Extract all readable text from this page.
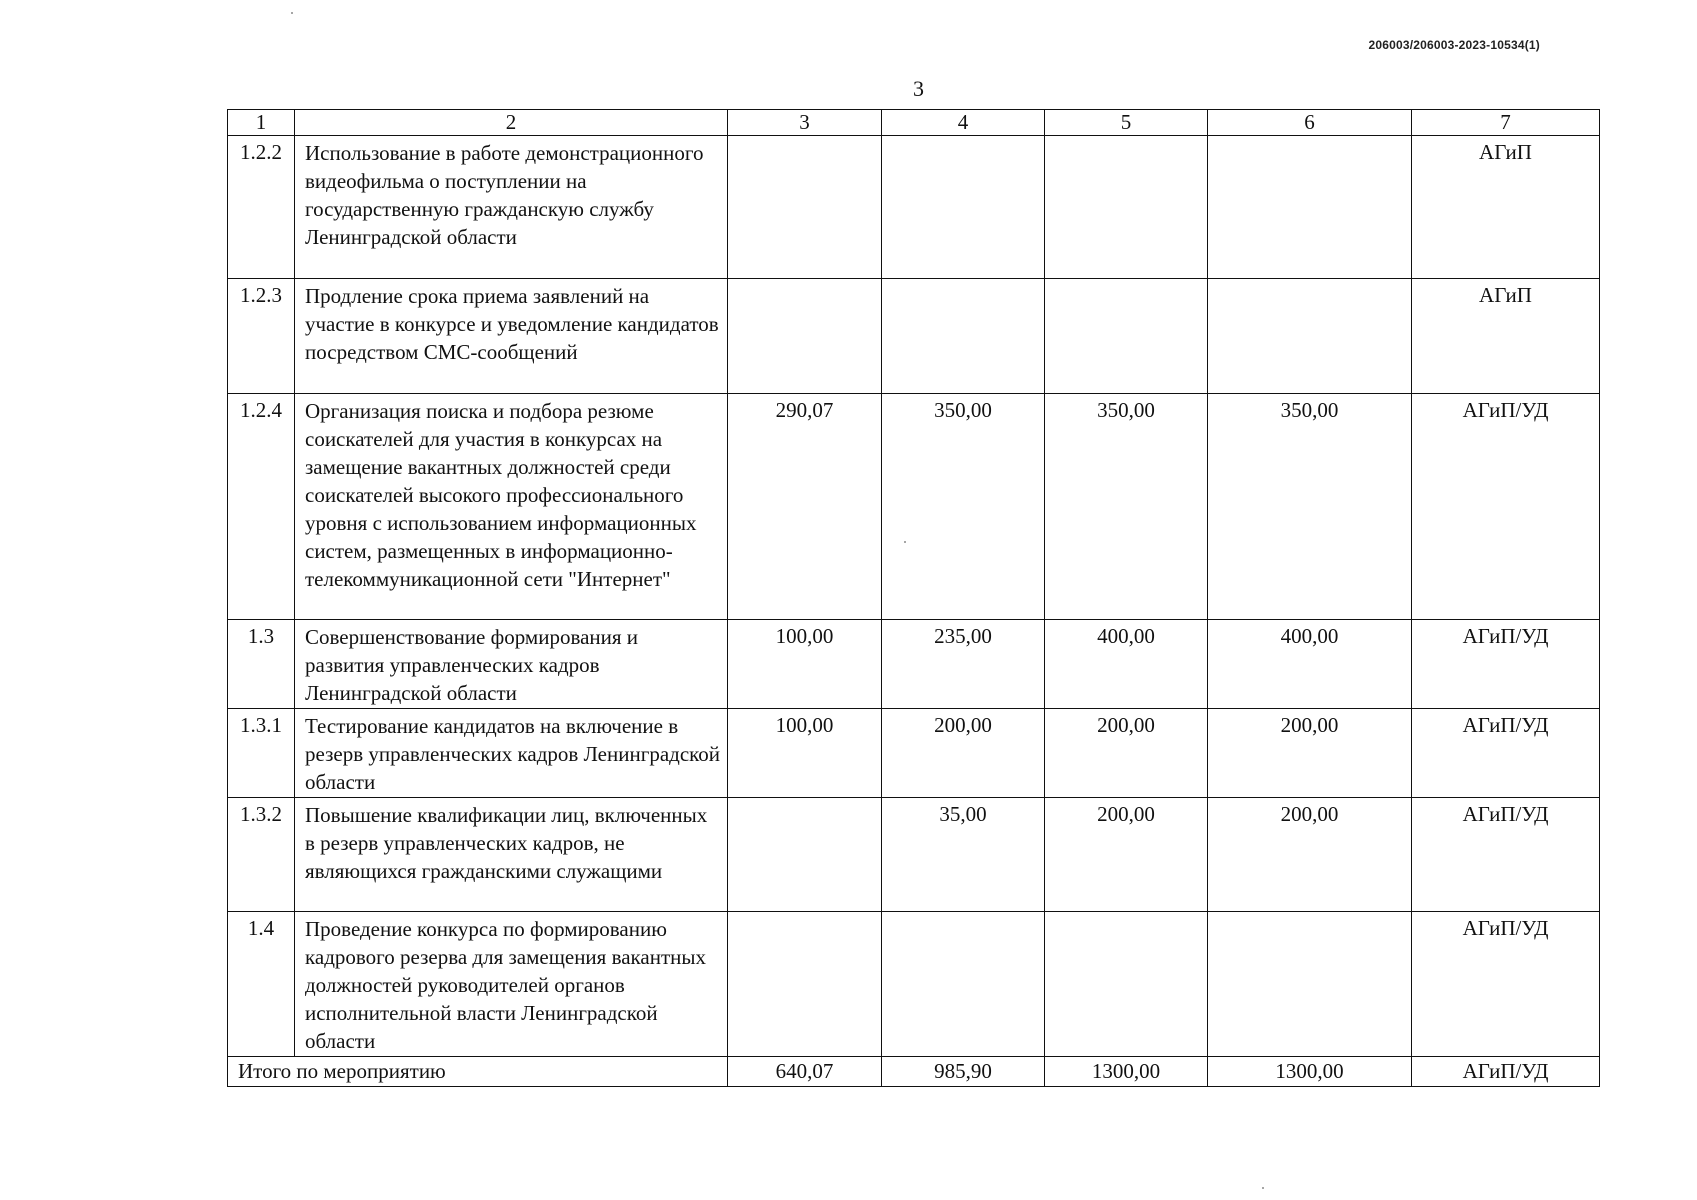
206003/206003-2023-10534(1)
3
1	2	3	4	5	6	7
1.2.2	Использование в работе демонстрационного видеофильма о поступлении на государственную гражданскую службу Ленинградской области					АГиП
1.2.3	Продление срока приема заявлений на участие в конкурсе и уведомление кандидатов посредством СМС-сообщений					АГиП
1.2.4	Организация поиска и подбора резюме соискателей для участия в конкурсах на замещение вакантных должностей среди соискателей высокого профессионального уровня с использованием информационных систем, размещенных в информационно-телекоммуникационной сети "Интернет"	290,07	350,00	350,00	350,00	АГиП/УД
1.3	Совершенствование формирования и развития управленческих кадров Ленинградской области	100,00	235,00	400,00	400,00	АГиП/УД
1.3.1	Тестирование кандидатов на включение в резерв управленческих кадров Ленинградской области	100,00	200,00	200,00	200,00	АГиП/УД
1.3.2	Повышение квалификации лиц, включенных в резерв управленческих кадров, не являющихся гражданскими служащими		35,00	200,00	200,00	АГиП/УД
1.4	Проведение конкурса по формированию кадрового резерва для замещения вакантных должностей руководителей органов исполнительной власти Ленинградской области					АГиП/УД
Итого по мероприятию		640,07	985,90	1300,00	1300,00	АГиП/УД
